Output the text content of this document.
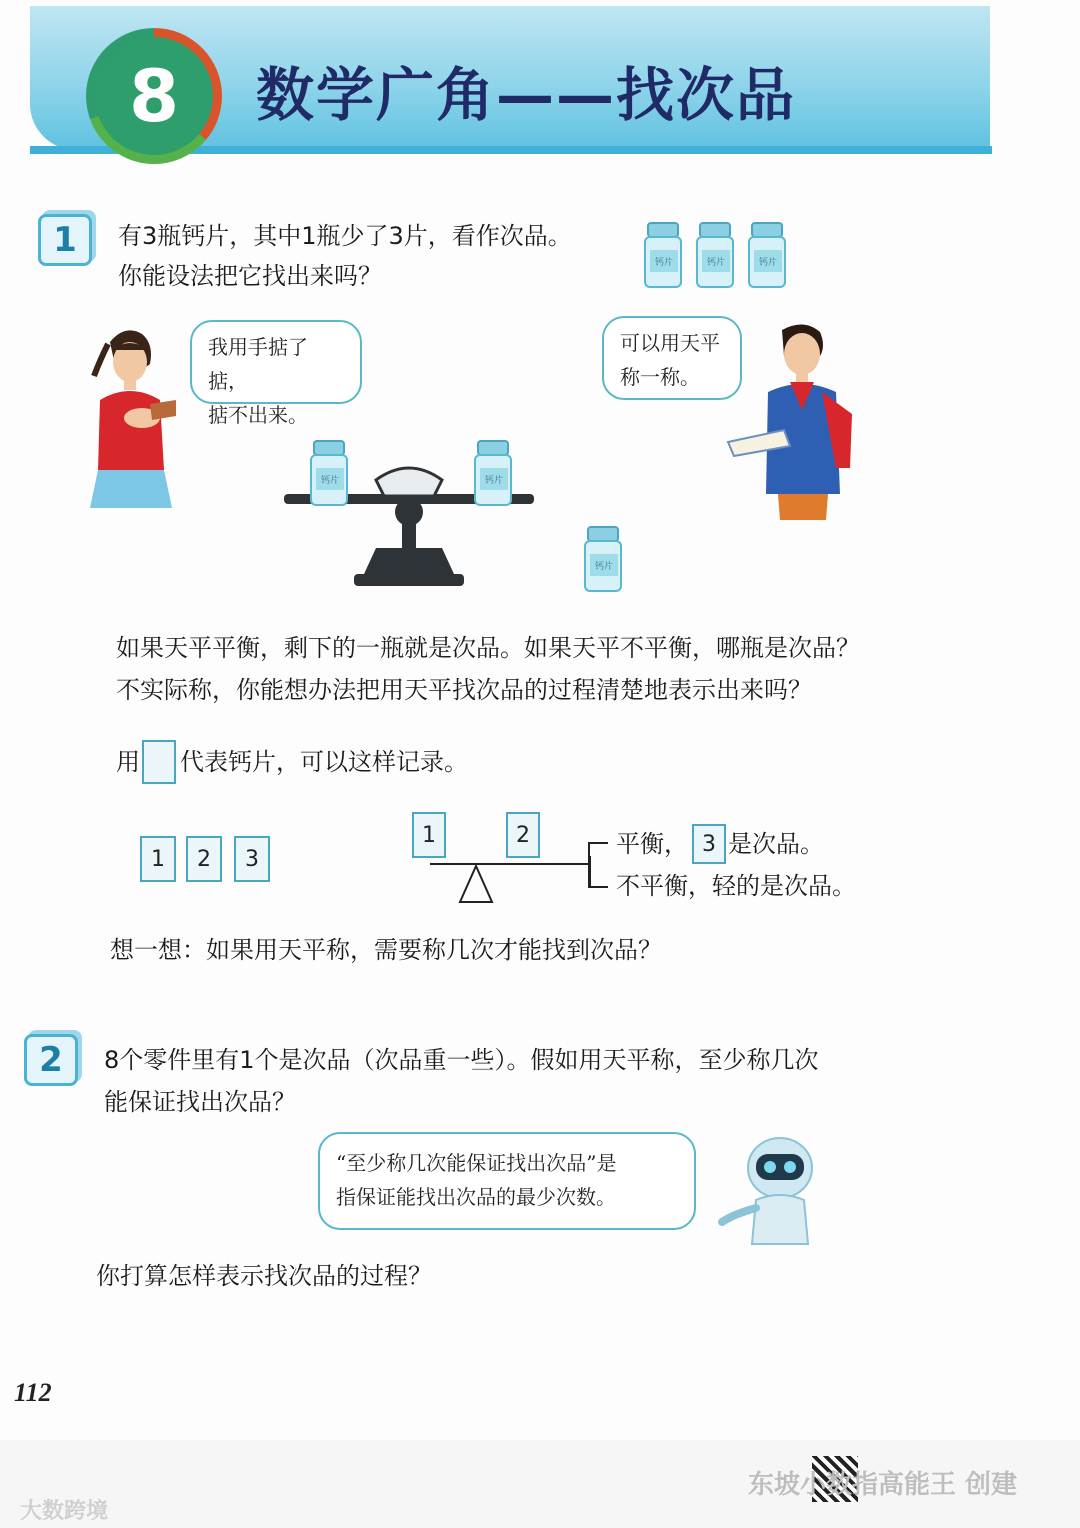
8 数学广角——找次品
1 有3瓶钙片，其中1瓶少了3片，看作次品。
你能设法把它找出来吗？	钙片	钙片	钙片
我用手掂了掂，
掂不出来。
钙片	钙片
钙片
可以用天平
称一称。
如果天平平衡，剩下的一瓶就是次品。如果天平不平衡，哪瓶是次品？
不实际称，你能想办法把用天平找次品的过程清楚地表示出来吗？
用 代表钙片，可以这样记录。
1	2	3
1	2	平衡， 3 是次品。
不平衡，轻的是次品。
想一想：如果用天平称，需要称几次才能找到次品？
2 8个零件里有1个是次品（次品重一些）。假如用天平称，至少称几次
能保证找出次品？
“至少称几次能保证找出次品”是
指保证能找出次品的最少次数。
你打算怎样表示找次品的过程？
112
东坡小数指高能王 创建
大数跨境
